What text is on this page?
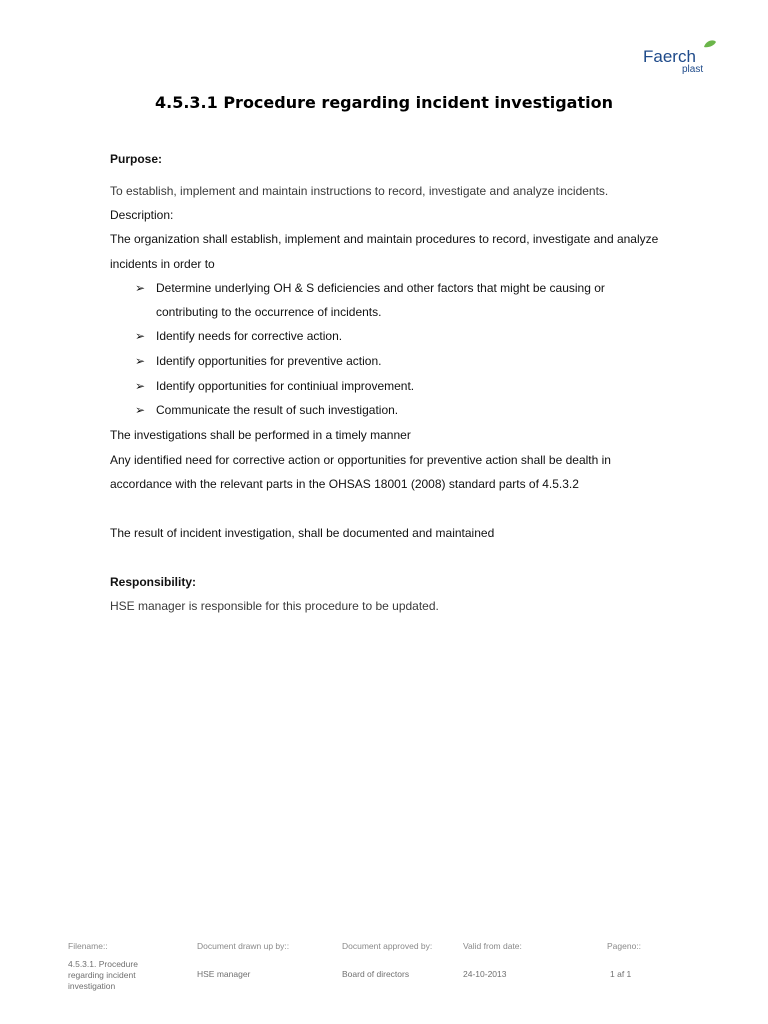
Faerch
plast
4.5.3.1 Procedure regarding incident investigation
Purpose:
To establish, implement and maintain instructions to record, investigate and analyze incidents.
Description:
The organization shall establish, implement and maintain procedures to record, investigate and analyze
incidents in order to
➢ Determine underlying OH & S deficiencies and other factors that might be causing or
contributing to the occurrence of incidents.
➢ Identify needs for corrective action.
➢ Identify opportunities for preventive action.
➢ Identify opportunities for continiual improvement.
➢ Communicate the result of such investigation.
The investigations shall be performed in a timely manner
Any identified need for corrective action or opportunities for preventive action shall be dealth in
accordance with the relevant parts in the OHSAS 18001 (2008) standard parts of 4.5.3.2
The result of incident investigation, shall be documented and maintained
Responsibility:
HSE manager is responsible for this procedure to be updated.
Filename::
4.5.3.1. Procedure
regarding incident
investigation
Document drawn up by::
HSE manager
Document approved by:
Board of directors
Valid from date:
24-10-2013
Pageno::
1 af 1
